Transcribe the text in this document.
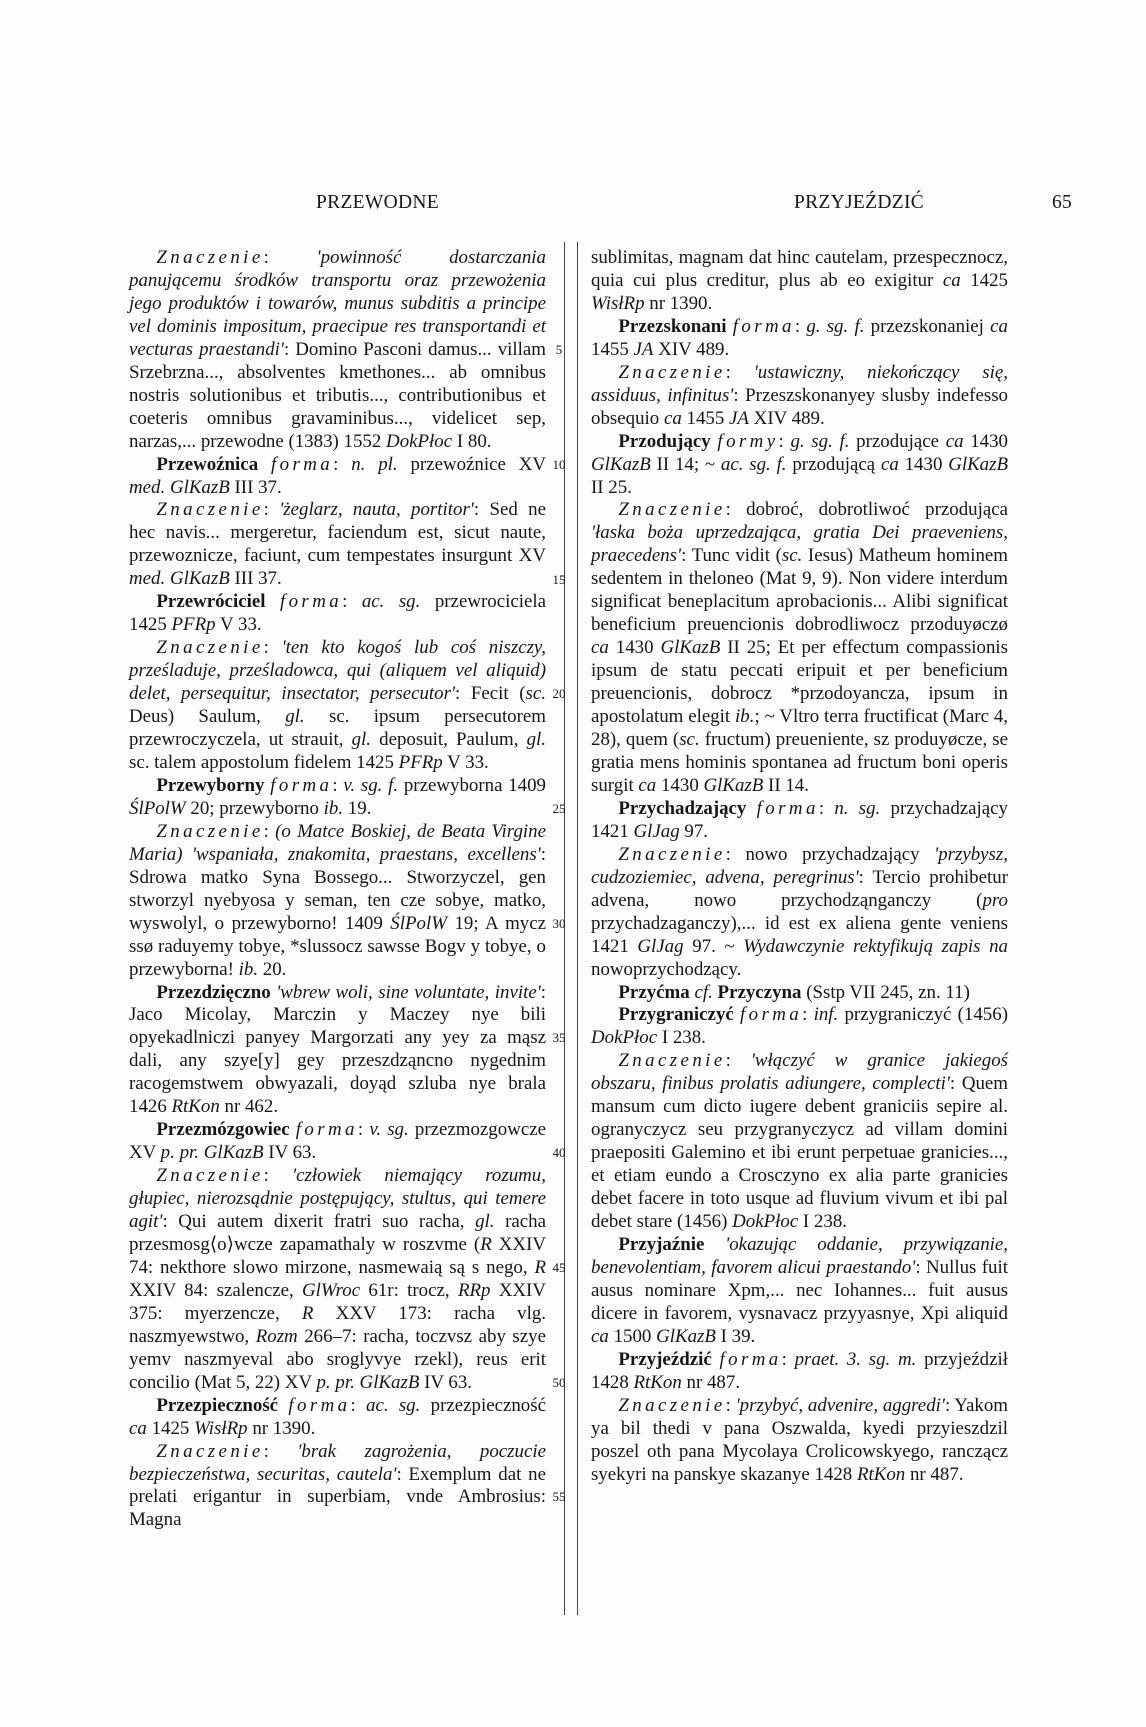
PRZEWODNE	PRZYJEŹDZIĆ	65
5
10
15
20
25
30
35
40
45
50
55

Znaczenie: 'powinność dostarczania panującemu środków transportu oraz przewożenia jego produktów i towarów, munus subditis a principe vel dominis impositum, praecipue res transportandi et vecturas praestandi': Domino Pasconi damus... villam Srzebrzna..., absolventes kmethones... ab omnibus nostris solutionibus et tributis..., contributionibus et coeteris omnibus gravaminibus..., videlicet sep, narzas,... przewodne (1383) 1552 DokPłoc I 80.

Przewoźnica forma: n. pl. przewoźnice XV med. GlKazB III 37.

Znaczenie: 'żeglarz, nauta, portitor': Sed ne hec navis... mergeretur, faciendum est, sicut naute, przewoznicze, faciunt, cum tempestates insurgunt XV med. GlKazB III 37.

Przewróciciel forma: ac. sg. przewrociciela 1425 PFRp V 33.

Znaczenie: 'ten kto kogoś lub coś niszczy, prześladuje, prześladowca, qui (aliquem vel aliquid) delet, persequitur, insectator, persecutor': Fecit (sc. Deus) Saulum, gl. sc. ipsum persecutorem przewroczyczela, ut strauit, gl. deposuit, Paulum, gl. sc. talem appostolum fidelem 1425 PFRp V 33.

Przewyborny forma: v. sg. f. przewyborna 1409 ŚlPolW 20; przewyborno ib. 19.

Znaczenie: (o Matce Boskiej, de Beata Virgine Maria) 'wspaniała, znakomita, praestans, excellens': Sdrowa matko Syna Bossego... Stworzyczel, gen stworzyl nyebyosa y seman, ten cze sobye, matko, wyswolyl, o przewyborno! 1409 ŚlPolW 19; A mycz ssø raduyemy tobye, *slussocz sawsse Bogv y tobye, o przewyborna! ib. 20.

Przezdzięczno 'wbrew woli, sine voluntate, invite': Jaco Micolay, Marczin y Maczey nye bili opyekadlniczi panyey Margorzati any yey za mąsz dali, any szye[y] gey przeszdząncno nygednim racogemstwem obwyazali, doyąd szluba nye brala 1426 RtKon nr 462.

Przezmózgowiec forma: v. sg. przezmozgowcze XV p. pr. GlKazB IV 63.

Znaczenie: 'człowiek niemający rozumu, głupiec, nierozsądnie postępujący, stultus, qui temere agit': Qui autem dixerit fratri suo racha, gl. racha przesmosg⟨o⟩wcze zapamathaly w roszvme (R XXIV 74: nekthore slowo mirzone, nasmewaią są s nego, R XXIV 84: szalencze, GlWroc 61r: trocz, RRp XXIV 375: myerzencze, R XXV 173: racha vlg. naszmyewstwo, Rozm 266–7: racha, toczvsz aby szye yemv naszmyeval abo sroglyvye rzekl), reus erit concilio (Mat 5, 22) XV p. pr. GlKazB IV 63.

Przezpieczność forma: ac. sg. przezpieczność ca 1425 WisłRp nr 1390.

Znaczenie: 'brak zagrożenia, poczucie bezpieczeństwa, securitas, cautela': Exemplum dat ne prelati erigantur in superbiam, vnde Ambrosius: Magna

sublimitas, magnam dat hinc cautelam, przespecznocz, quia cui plus creditur, plus ab eo exigitur ca 1425 WisłRp nr 1390.

Przezskonani forma: g. sg. f. przezskonaniej ca 1455 JA XIV 489.

Znaczenie: 'ustawiczny, niekończący się, assiduus, infinitus': Przeszskonanyey slusby indefesso obsequio ca 1455 JA XIV 489.

Przodujący formy: g. sg. f. przodujące ca 1430 GlKazB II 14; ~ ac. sg. f. przodującą ca 1430 GlKazB II 25.

Znaczenie: dobroć, dobrotliwoć przodująca 'łaska boża uprzedzająca, gratia Dei praeveniens, praecedens': Tunc vidit (sc. Iesus) Matheum hominem sedentem in theloneo (Mat 9, 9). Non videre interdum significat beneplacitum aprobacionis... Alibi significat beneficium preuencionis dobrodliwocz przoduyøczø ca 1430 GlKazB II 25; Et per effectum compassionis ipsum de statu peccati eripuit et per beneficium preuencionis, dobrocz *przodoyancza, ipsum in apostolatum elegit ib.; ~ Vltro terra fructificat (Marc 4, 28), quem (sc. fructum) preueniente, sz produyøcze, se gratia mens hominis spontanea ad fructum boni operis surgit ca 1430 GlKazB II 14.

Przychadzający forma: n. sg. przychadzający 1421 GlJag 97.

Znaczenie: nowo przychadzający 'przybysz, cudzoziemiec, advena, peregrinus': Tercio prohibetur advena, nowo przychodząnganczy (pro przychadzaganczy),... id est ex aliena gente veniens 1421 GlJag 97. ~ Wydawczynie rektyfikują zapis na nowoprzychodzący.

Przyćma cf. Przyczyna (Sstp VII 245, zn. 11)

Przygraniczyć forma: inf. przygraniczyć (1456) DokPłoc I 238.

Znaczenie: 'włączyć w granice jakiegoś obszaru, finibus prolatis adiungere, complecti': Quem mansum cum dicto iugere debent graniciis sepire al. ogranyczycz seu przygranyczycz ad villam domini praepositi Galemino et ibi erunt perpetuae granicies..., et etiam eundo a Crosczyno ex alia parte granicies debet facere in toto usque ad fluvium vivum et ibi pal debet stare (1456) DokPłoc I 238.

Przyjaźnie 'okazując oddanie, przywiązanie, benevolentiam, favorem alicui praestando': Nullus fuit ausus nominare Xpm,... nec Iohannes... fuit ausus dicere in favorem, vysnavacz przyyasnye, Xpi aliquid ca 1500 GlKazB I 39.

Przyjeździć forma: praet. 3. sg. m. przyjeździł 1428 RtKon nr 487.

Znaczenie: 'przybyć, advenire, aggredi': Yakom ya bil thedi v pana Oszwalda, kyedi przyieszdzil poszel oth pana Mycolaya Crolicowskyego, ranczącz syekyri na panskye skazanye 1428 RtKon nr 487.
